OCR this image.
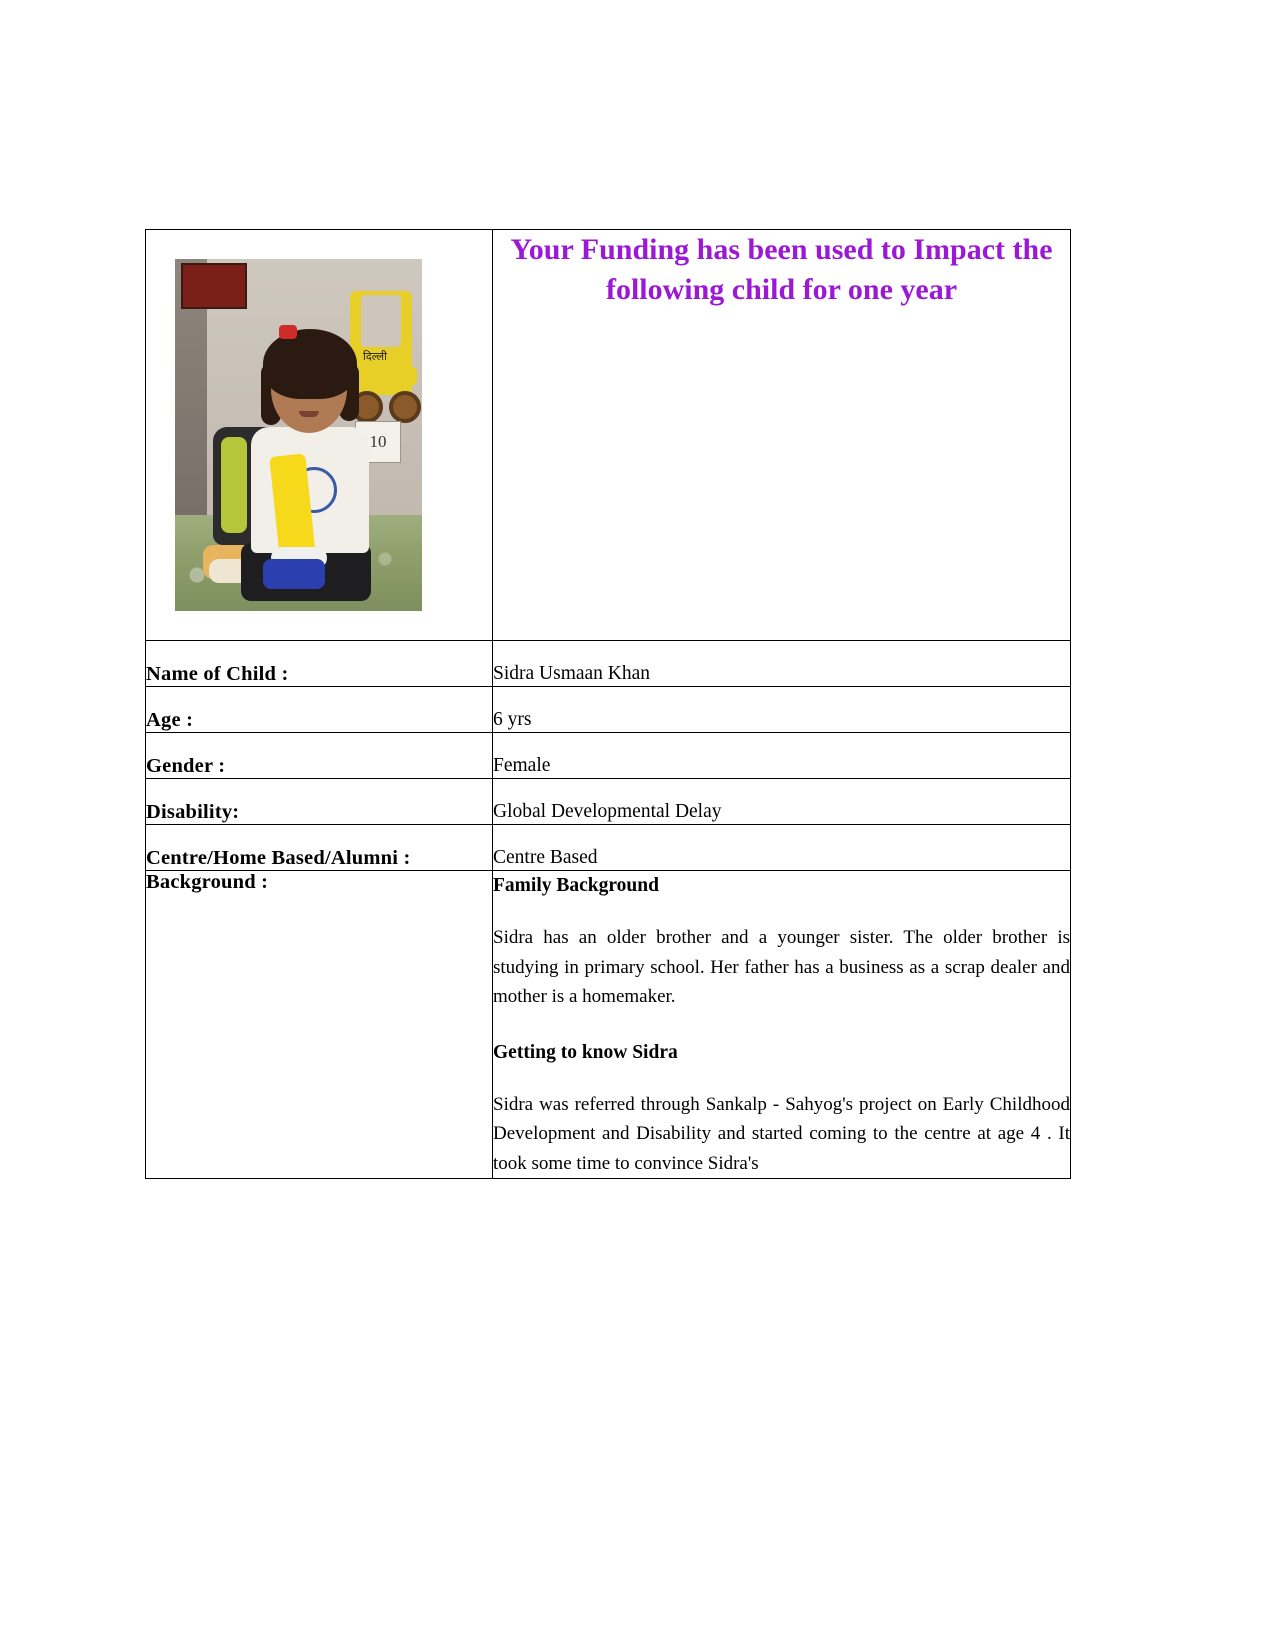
दिल्ली
10	Your Funding has been used to Impact the following child for one year

Name of Child :	Sidra Usmaan Khan
Age :	6 yrs
Gender :	Female
Disability:	Global Developmental Delay
Centre/Home Based/Alumni :	Centre Based
Background :	Family Background

Sidra has an older brother and a younger sister. The older brother is studying in primary school. Her father has a business as a scrap dealer and mother is a homemaker.

Getting to know Sidra

Sidra was referred through Sankalp - Sahyog's project on Early Childhood Development and Disability and started coming to the centre at age 4 . It took some time to convince Sidra's
